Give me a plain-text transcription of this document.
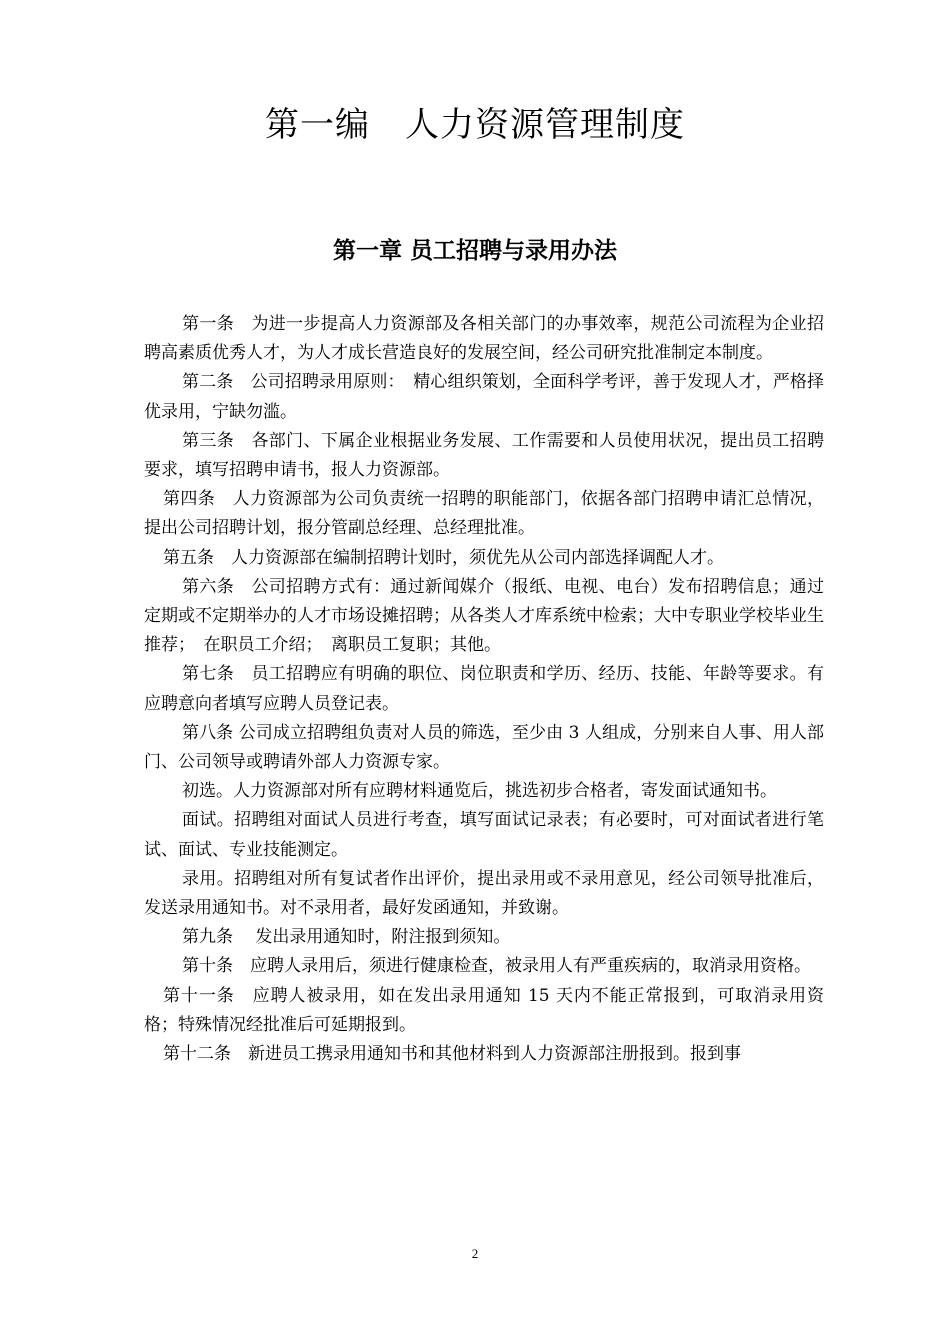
第一编　人力资源管理制度
第一章 员工招聘与录用办法

第一条　为进一步提高人力资源部及各相关部门的办事效率，规范公司流程为企业招聘高素质优秀人才，为人才成长营造良好的发展空间，经公司研究批准制定本制度。

第二条　公司招聘录用原则：　精心组织策划，全面科学考评，善于发现人才，严格择优录用，宁缺勿滥。

第三条　各部门、下属企业根据业务发展、工作需要和人员使用状况，提出员工招聘要求，填写招聘申请书，报人力资源部。

第四条　人力资源部为公司负责统一招聘的职能部门，依据各部门招聘申请汇总情况，提出公司招聘计划，报分管副总经理、总经理批准。

第五条　人力资源部在编制招聘计划时，须优先从公司内部选择调配人才。

第六条　公司招聘方式有：通过新闻媒介（报纸、电视、电台）发布招聘信息；通过定期或不定期举办的人才市场设摊招聘；从各类人才库系统中检索；大中专职业学校毕业生推荐；　在职员工介绍；　离职员工复职；其他。

第七条　员工招聘应有明确的职位、岗位职责和学历、经历、技能、年龄等要求。有应聘意向者填写应聘人员登记表。

第八条 公司成立招聘组负责对人员的筛选，至少由 3 人组成，分别来自人事、用人部门、公司领导或聘请外部人力资源专家。

初选。人力资源部对所有应聘材料通览后，挑选初步合格者，寄发面试通知书。

面试。招聘组对面试人员进行考查，填写面试记录表；有必要时，可对面试者进行笔试、面试、专业技能测定。

录用。招聘组对所有复试者作出评价，提出录用或不录用意见，经公司领导批准后，发送录用通知书。对不录用者，最好发函通知，并致谢。

第九条　 发出录用通知时，附注报到须知。

第十条　应聘人录用后，须进行健康检查，被录用人有严重疾病的，取消录用资格。

第十一条　应聘人被录用，如在发出录用通知 15 天内不能正常报到，可取消录用资格；特殊情况经批准后可延期报到。

第十二条　新进员工携录用通知书和其他材料到人力资源部注册报到。报到事

2
